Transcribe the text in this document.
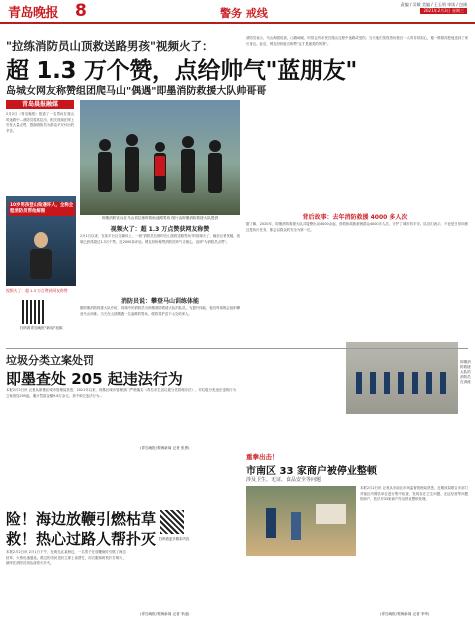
青岛晚报 8	警务 戒线
责编 / 吴敏 美编 / 王玉明 审读 / 包刚
2021年2月3日 星期三
"拉练消防员山顶救送路男孩"视频火了：
超 1.3 万个赞，点给帅气"蓝朋友"
岛城女网友称赞组团爬马山"偶遇"即墨消防救援大队帅哥哥
青岛晨报融媒
2月2日《青岛晚报》报道了一名男孩在爬山时迷路中...消防员将其拉出，相关视频在网上引发大量点赞，感谢消防员为群众平安付出的辛苦。
10岁男孩登山险遇坏人，全称全程消防员帮他解围
视频火了：超 1.3 万点赞获网友称赞
扫码看青岛晚报"新闻"视频
即墨消防官兵在马山顶拉练时救助迷路男孩 图片由即墨消防救援大队提供
视频火了：超 1.3 万点赞获网友称赞
2月1日以来，在某平台社交媒体上，一段"消防员拉练时在山顶救送路男孩"的视频火了，截至记者发稿，视频已获得超过1.3万个赞，近2000条评论。网友纷纷称赞消防员帅气又暖心，直呼"为消防员点赞"。
消防员说：攀登马山训练体能
据即墨消防救援大队介绍，视频中的消防员为即墨消防救援大队的队员。为提升体能，他们每周都会组织攀登马山训练。当天在山顶偶遇一名迷路的男孩，便将其护送下山交给家人。
消防员表示，马山海拔较高，山路崎岖，时常会有市民在爬山过程中迷路或受伤。当天他们发现男孩独自一人时非常担心，便一路陪同把他送到了家长身边。此后，网友纷纷留言称赞"这才是最美的风景"。
背后故事：去年消防救援 4000 多人次
据了解，2020年，即墨消防救援大队共接警出动4000余起，营救和疏散被困群众4000多人次，守护了城市的平安。队员们表示，不论是日常训练还是执行任务，都会以群众的安全为第一位。
即墨消防救援大队的消防员在训练
垃圾分类立案处罚
即墨查处 205 起违法行为
本报2月2日讯 记者从即墨区城市管理局获悉，2021年以来，即墨区城市管理部门严格落实《青岛市生活垃圾分类管理办法》，对垃圾分类违法违规行为立案查处205起，累计罚款金额9.8万余元，其中单位违法行为...
(青岛晚报/观海新闻 记者 张勇)
险！海边放鞭引燃枯草
救！热心过路人帮扑灭
本报2月2日讯 2月1日下午，在黄岛区某海边，一名男子在放鞭炮时引燃了海边枯草，火势迅速蔓延。路过的市民见状立即上前帮忙，用衣服和树枝扑打明火，最终在消防员到达前将火扑灭。
扫码看更多精彩内容
(青岛晚报/观海新闻 记者 李凌)
重拳出击！
市南区 33 家商户被停业整顿
涉及卫生、无证、食品安全等问题
本报2月2日讯 记者从市南区市场监督管理局获悉，近期该局联合多部门对辖区内餐饮单位进行集中检查，发现存在卫生问题、无证经营等问题的商户，依法对33家商户作出停业整顿处理。
(青岛晚报/观海新闻 记者 李华)
